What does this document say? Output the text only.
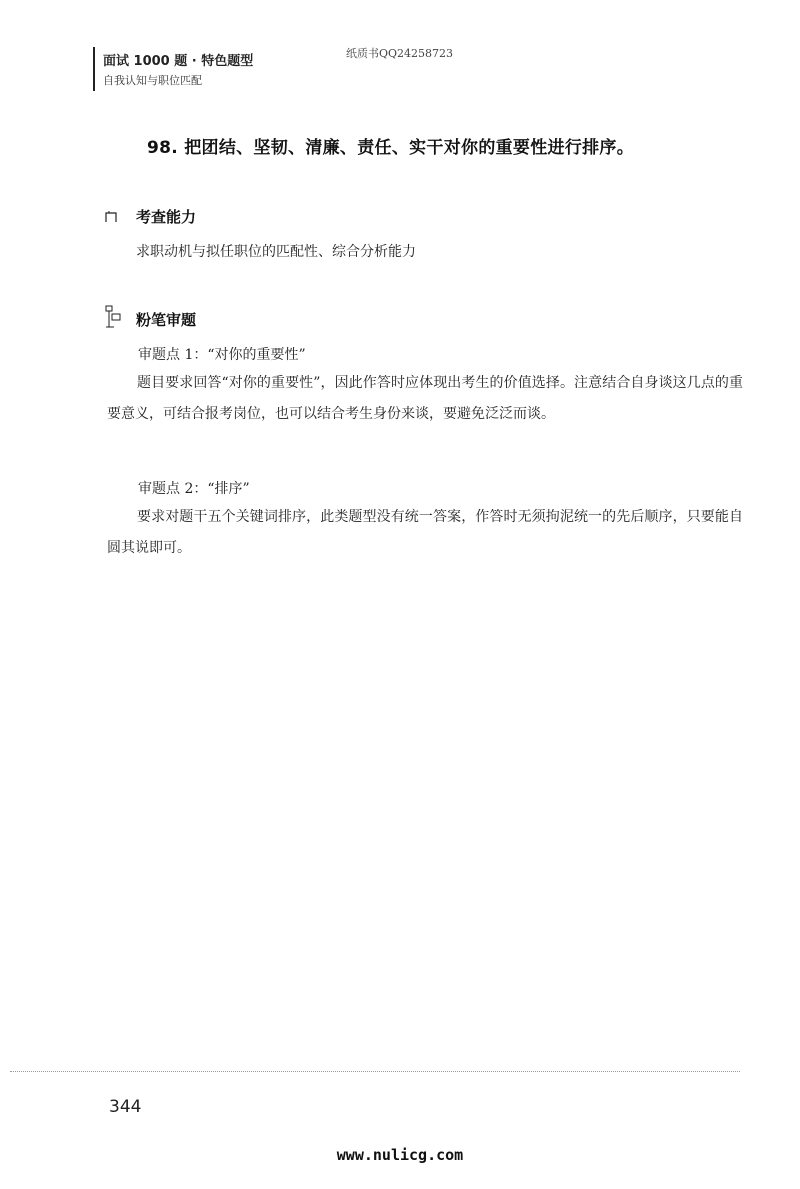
面试 1000 题 · 特色题型
自我认知与职位匹配
纸质书QQ24258723
98. 把团结、坚韧、清廉、责任、实干对你的重要性进行排序。
考查能力
求职动机与拟任职位的匹配性、综合分析能力
粉笔审题
审题点 1：“对你的重要性”
题目要求回答“对你的重要性”，因此作答时应体现出考生的价值选择。注意结合自身谈这几点的重要意义，可结合报考岗位，也可以结合考生身份来谈，要避免泛泛而谈。
审题点 2：“排序”
要求对题干五个关键词排序，此类题型没有统一答案，作答时无须拘泥统一的先后顺序，只要能自圆其说即可。
344
www.nulicg.com
